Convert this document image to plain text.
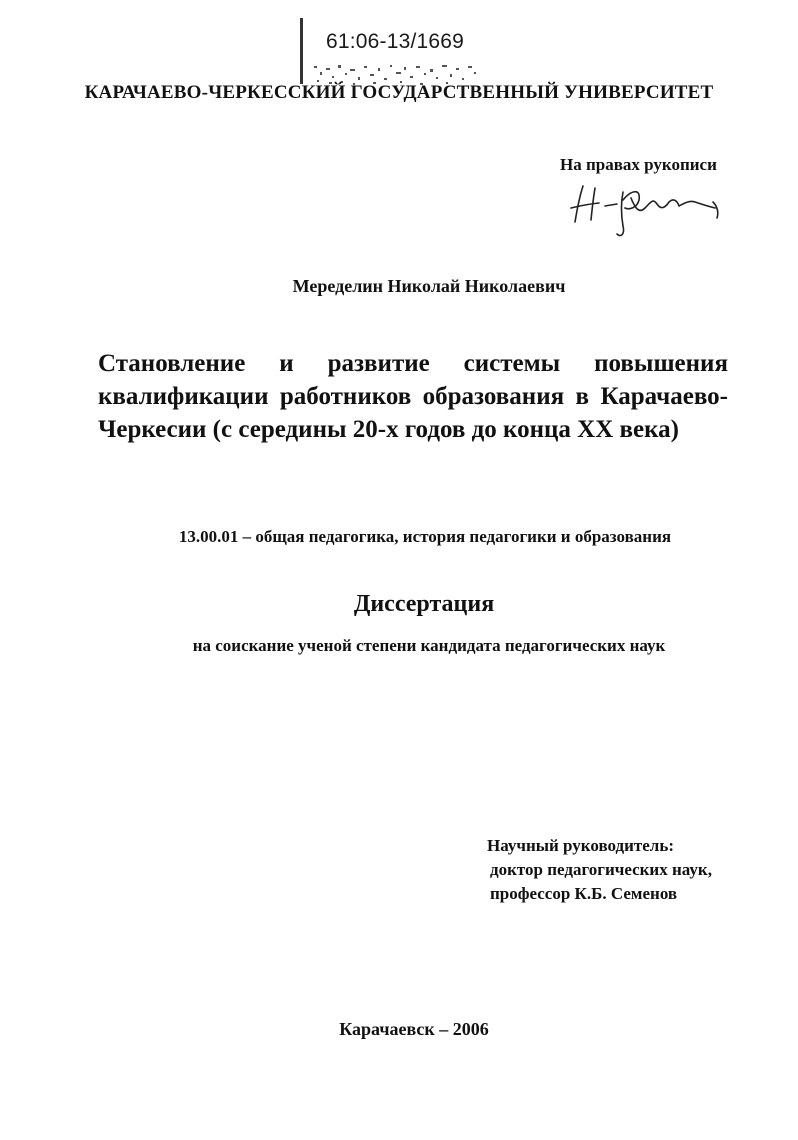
61:06-13/1669
КАРАЧАЕВО-ЧЕРКЕССКИЙ ГОСУДАРСТВЕННЫЙ УНИВЕРСИТЕТ
На правах рукописи
Меределин Николай Николаевич
Становление и развитие системы повышения
квалификации работников образования в Карачаево-
Черкесии (с середины 20-х годов до конца XX века)
13.00.01 – общая педагогика, история педагогики и образования
Диссертация
на соискание ученой степени кандидата педагогических наук
Научный руководитель:
доктор педагогических наук,
профессор К.Б. Семенов
Карачаевск – 2006
